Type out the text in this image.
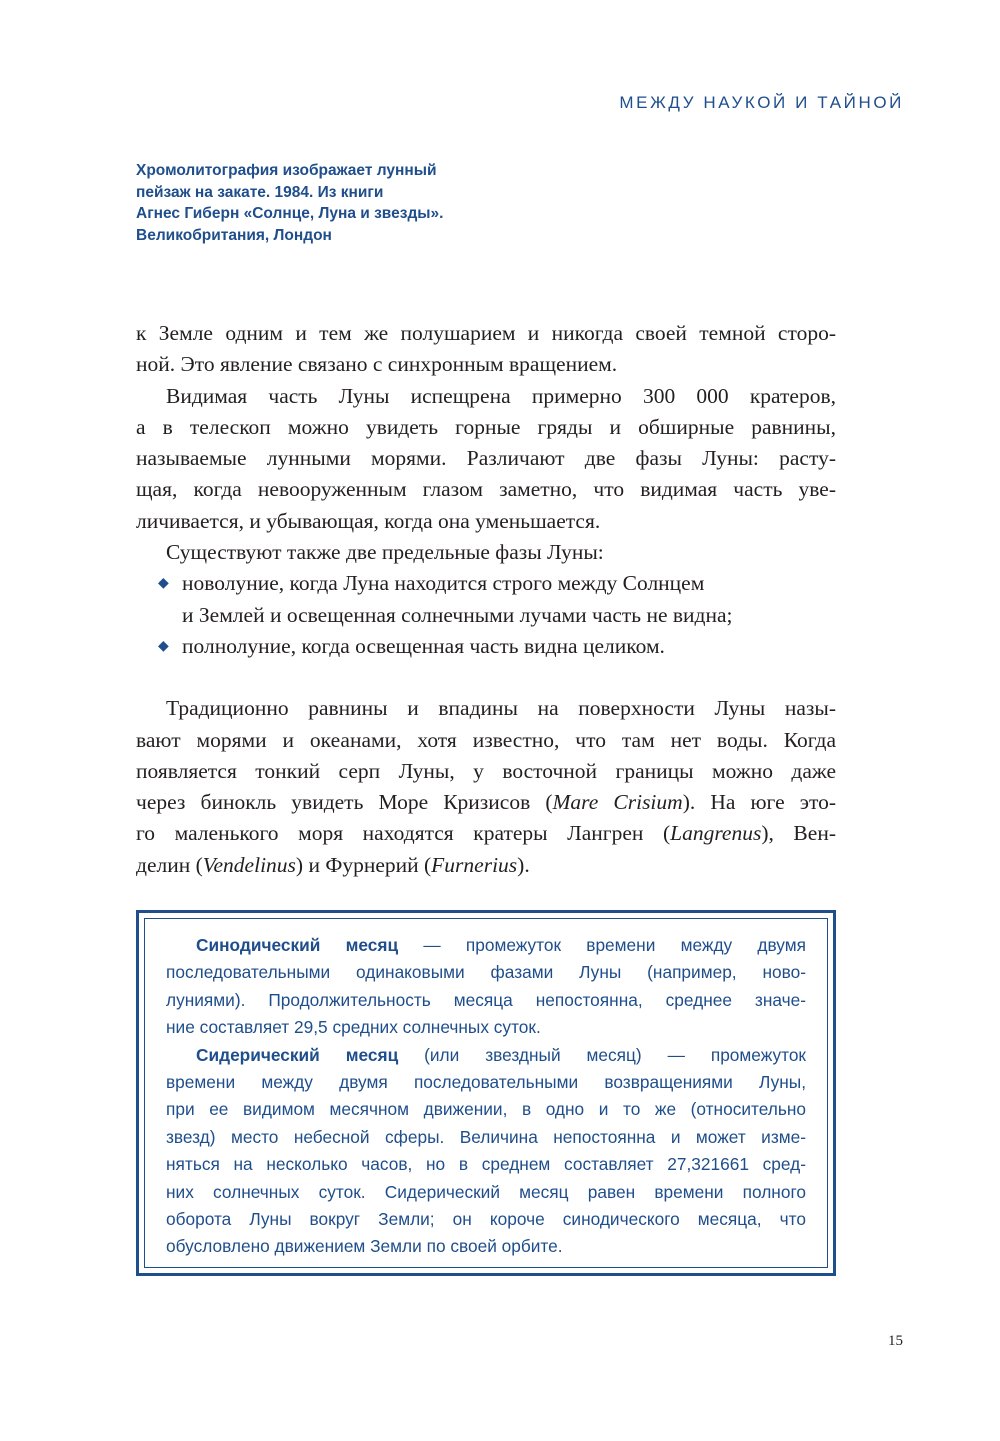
МЕЖДУ НАУКОЙ И ТАЙНОЙ
Хромолитография изображает лунный
пейзаж на закате. 1984. Из книги
Агнес Гиберн «Солнце, Луна и звезды».
Великобритания, Лондон
к Земле одним и тем же полушарием и никогда своей темной сторо-
ной. Это явление связано с синхронным вращением.
Видимая часть Луны испещрена примерно 300 000 кратеров,
а в телескоп можно увидеть горные гряды и обширные равнины,
называемые лунными морями. Различают две фазы Луны: расту-
щая, когда невооруженным глазом заметно, что видимая часть уве-
личивается, и убывающая, когда она уменьшается.
Существуют также две предельные фазы Луны:
◆ новолуние, когда Луна находится строго между Солнцем
и Землей и освещенная солнечными лучами часть не видна;
◆ полнолуние, когда освещенная часть видна целиком.
Традиционно равнины и впадины на поверхности Луны назы-
вают морями и океанами, хотя известно, что там нет воды. Когда
появляется тонкий серп Луны, у восточной границы можно даже
через бинокль увидеть Море Кризисов (Mare Crisium). На юге это-
го маленького моря находятся кратеры Лангрен (Langrenus), Вен-
делин (Vendelinus) и Фурнерий (Furnerius).
Синодический месяц — промежуток времени между двумя
последовательными одинаковыми фазами Луны (например, ново-
луниями). Продолжительность месяца непостоянна, среднее значе-
ние составляет 29,5 средних солнечных суток.
Сидерический месяц (или звездный месяц) — промежуток
времени между двумя последовательными возвращениями Луны,
при ее видимом месячном движении, в одно и то же (относительно
звезд) место небесной сферы. Величина непостоянна и может изме-
няться на несколько часов, но в среднем составляет 27,321661 сред-
них солнечных суток. Сидерический месяц равен времени полного
оборота Луны вокруг Земли; он короче синодического месяца, что
обусловлено движением Земли по своей орбите.
15
